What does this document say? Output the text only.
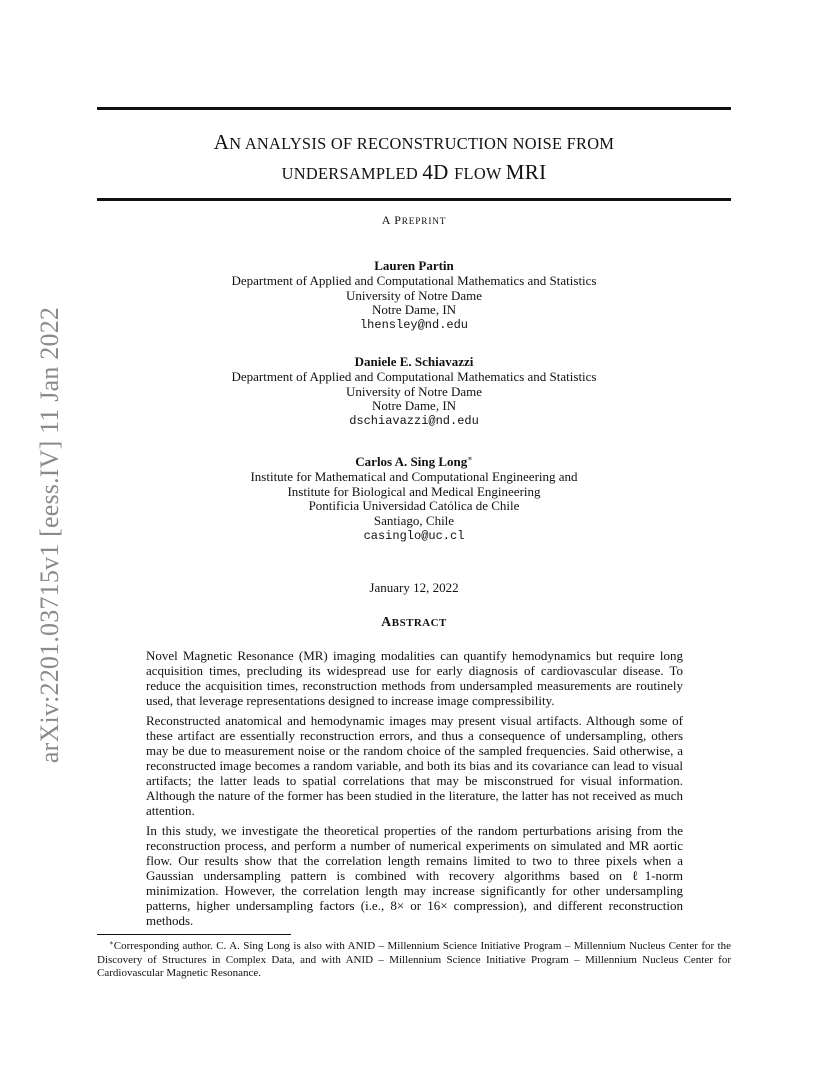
arXiv:2201.03715v1 [eess.IV] 11 Jan 2022
AN ANALYSIS OF RECONSTRUCTION NOISE FROM
UNDERSAMPLED 4D FLOW MRI
A PREPRINT
Lauren Partin
Department of Applied and Computational Mathematics and Statistics
University of Notre Dame
Notre Dame, IN
lhensley@nd.edu
Daniele E. Schiavazzi
Department of Applied and Computational Mathematics and Statistics
University of Notre Dame
Notre Dame, IN
dschiavazzi@nd.edu
Carlos A. Sing Long∗
Institute for Mathematical and Computational Engineering and
Institute for Biological and Medical Engineering
Pontificia Universidad Católica de Chile
Santiago, Chile
casinglo@uc.cl
January 12, 2022
ABSTRACT

Novel Magnetic Resonance (MR) imaging modalities can quantify hemodynamics but require long acquisition times, precluding its widespread use for early diagnosis of cardiovascular disease. To reduce the acquisition times, reconstruction methods from undersampled measurements are routinely used, that leverage representations designed to increase image compressibility.

Reconstructed anatomical and hemodynamic images may present visual artifacts. Although some of these artifact are essentially reconstruction errors, and thus a consequence of undersampling, others may be due to measurement noise or the random choice of the sampled frequencies. Said otherwise, a reconstructed image becomes a random variable, and both its bias and its covariance can lead to visual artifacts; the latter leads to spatial correlations that may be misconstrued for visual information. Although the nature of the former has been studied in the literature, the latter has not received as much attention.

In this study, we investigate the theoretical properties of the random perturbations arising from the reconstruction process, and perform a number of numerical experiments on simulated and MR aortic flow. Our results show that the correlation length remains limited to two to three pixels when a Gaussian undersampling pattern is combined with recovery algorithms based on ℓ1-norm minimization. However, the correlation length may increase significantly for other undersampling patterns, higher undersampling factors (i.e., 8× or 16× compression), and different reconstruction methods.

∗Corresponding author. C. A. Sing Long is also with ANID – Millennium Science Initiative Program – Millennium Nucleus Center for the Discovery of Structures in Complex Data, and with ANID – Millennium Science Initiative Program – Millennium Nucleus Center for Cardiovascular Magnetic Resonance.
